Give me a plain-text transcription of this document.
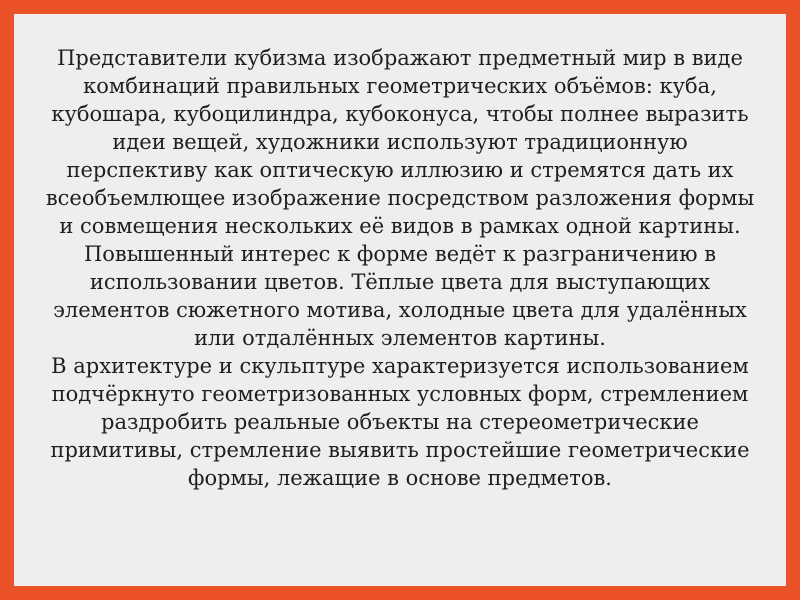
Представители кубизма изображают предметный мир в виде комбинаций правильных геометрических объёмов: куба, кубошара, кубоцилиндра, кубоконуса, чтобы полнее выразить идеи вещей, художники используют традиционную перспективу как оптическую иллюзию и стремятся дать их всеобъемлющее изображение посредством разложения формы и совмещения нескольких её видов в рамках одной картины.

Повышенный интерес к форме ведёт к разграничению в использовании цветов. Тёплые цвета для выступающих элементов сюжетного мотива, холодные цвета для удалённых или отдалённых элементов картины.

В архитектуре и скульптуре характеризуется использованием подчёркнуто геометризованных условных форм, стремлением раздробить реальные объекты на стереометрические примитивы, стремление выявить простейшие геометрические формы, лежащие в основе предметов.
